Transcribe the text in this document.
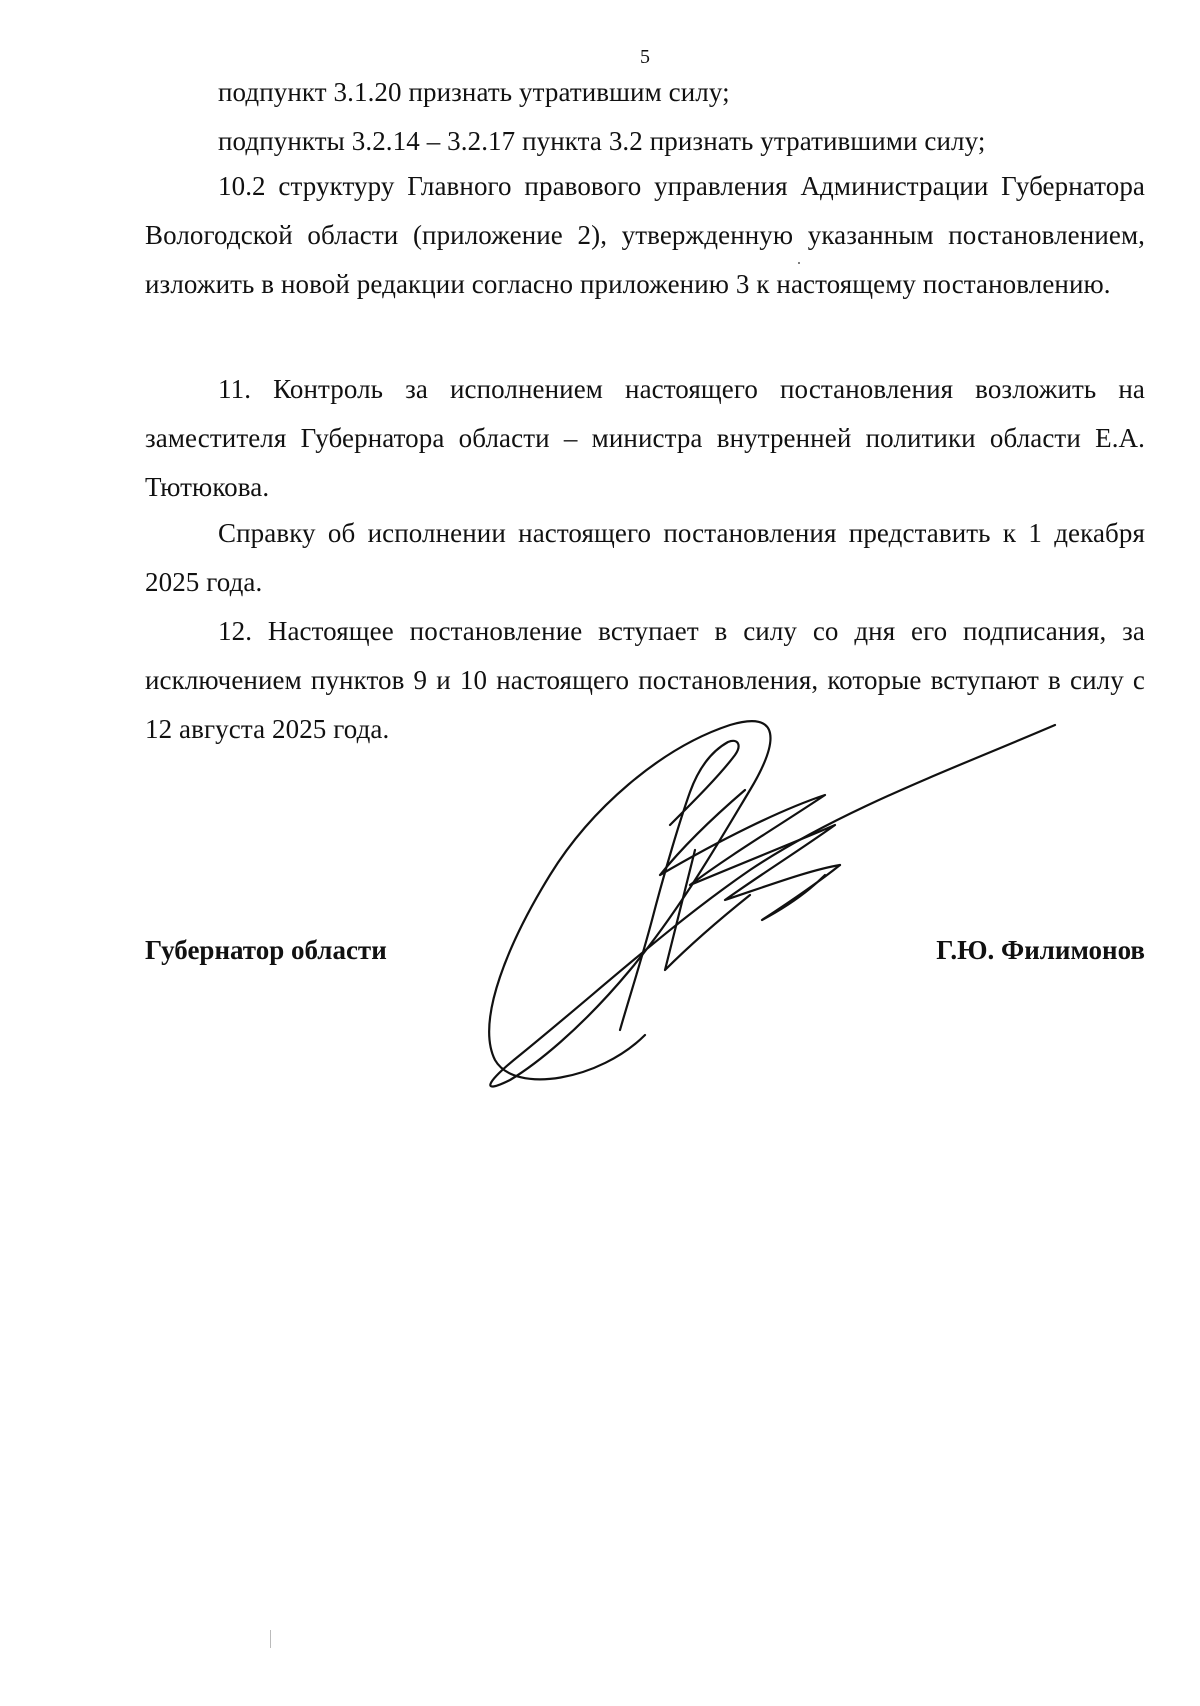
5

подпункт 3.1.20 признать утратившим силу;

подпункты 3.2.14 – 3.2.17 пункта 3.2 признать утратившими силу;

10.2 структуру Главного правового управления Администрации Губернатора Вологодской области (приложение 2), утвержденную указанным постановлением, изложить в новой редакции согласно приложению 3 к настоящему постановлению.

11. Контроль за исполнением настоящего постановления возложить на заместителя Губернатора области – министра внутренней политики области Е.А. Тютюкова.

Справку об исполнении настоящего постановления представить к 1 декабря 2025 года.

12. Настоящее постановление вступает в силу со дня его подписания, за исключением пунктов 9 и 10 настоящего постановления, которые вступают в силу с 12 августа 2025 года.

Губернатор области	Г.Ю. Филимонов
